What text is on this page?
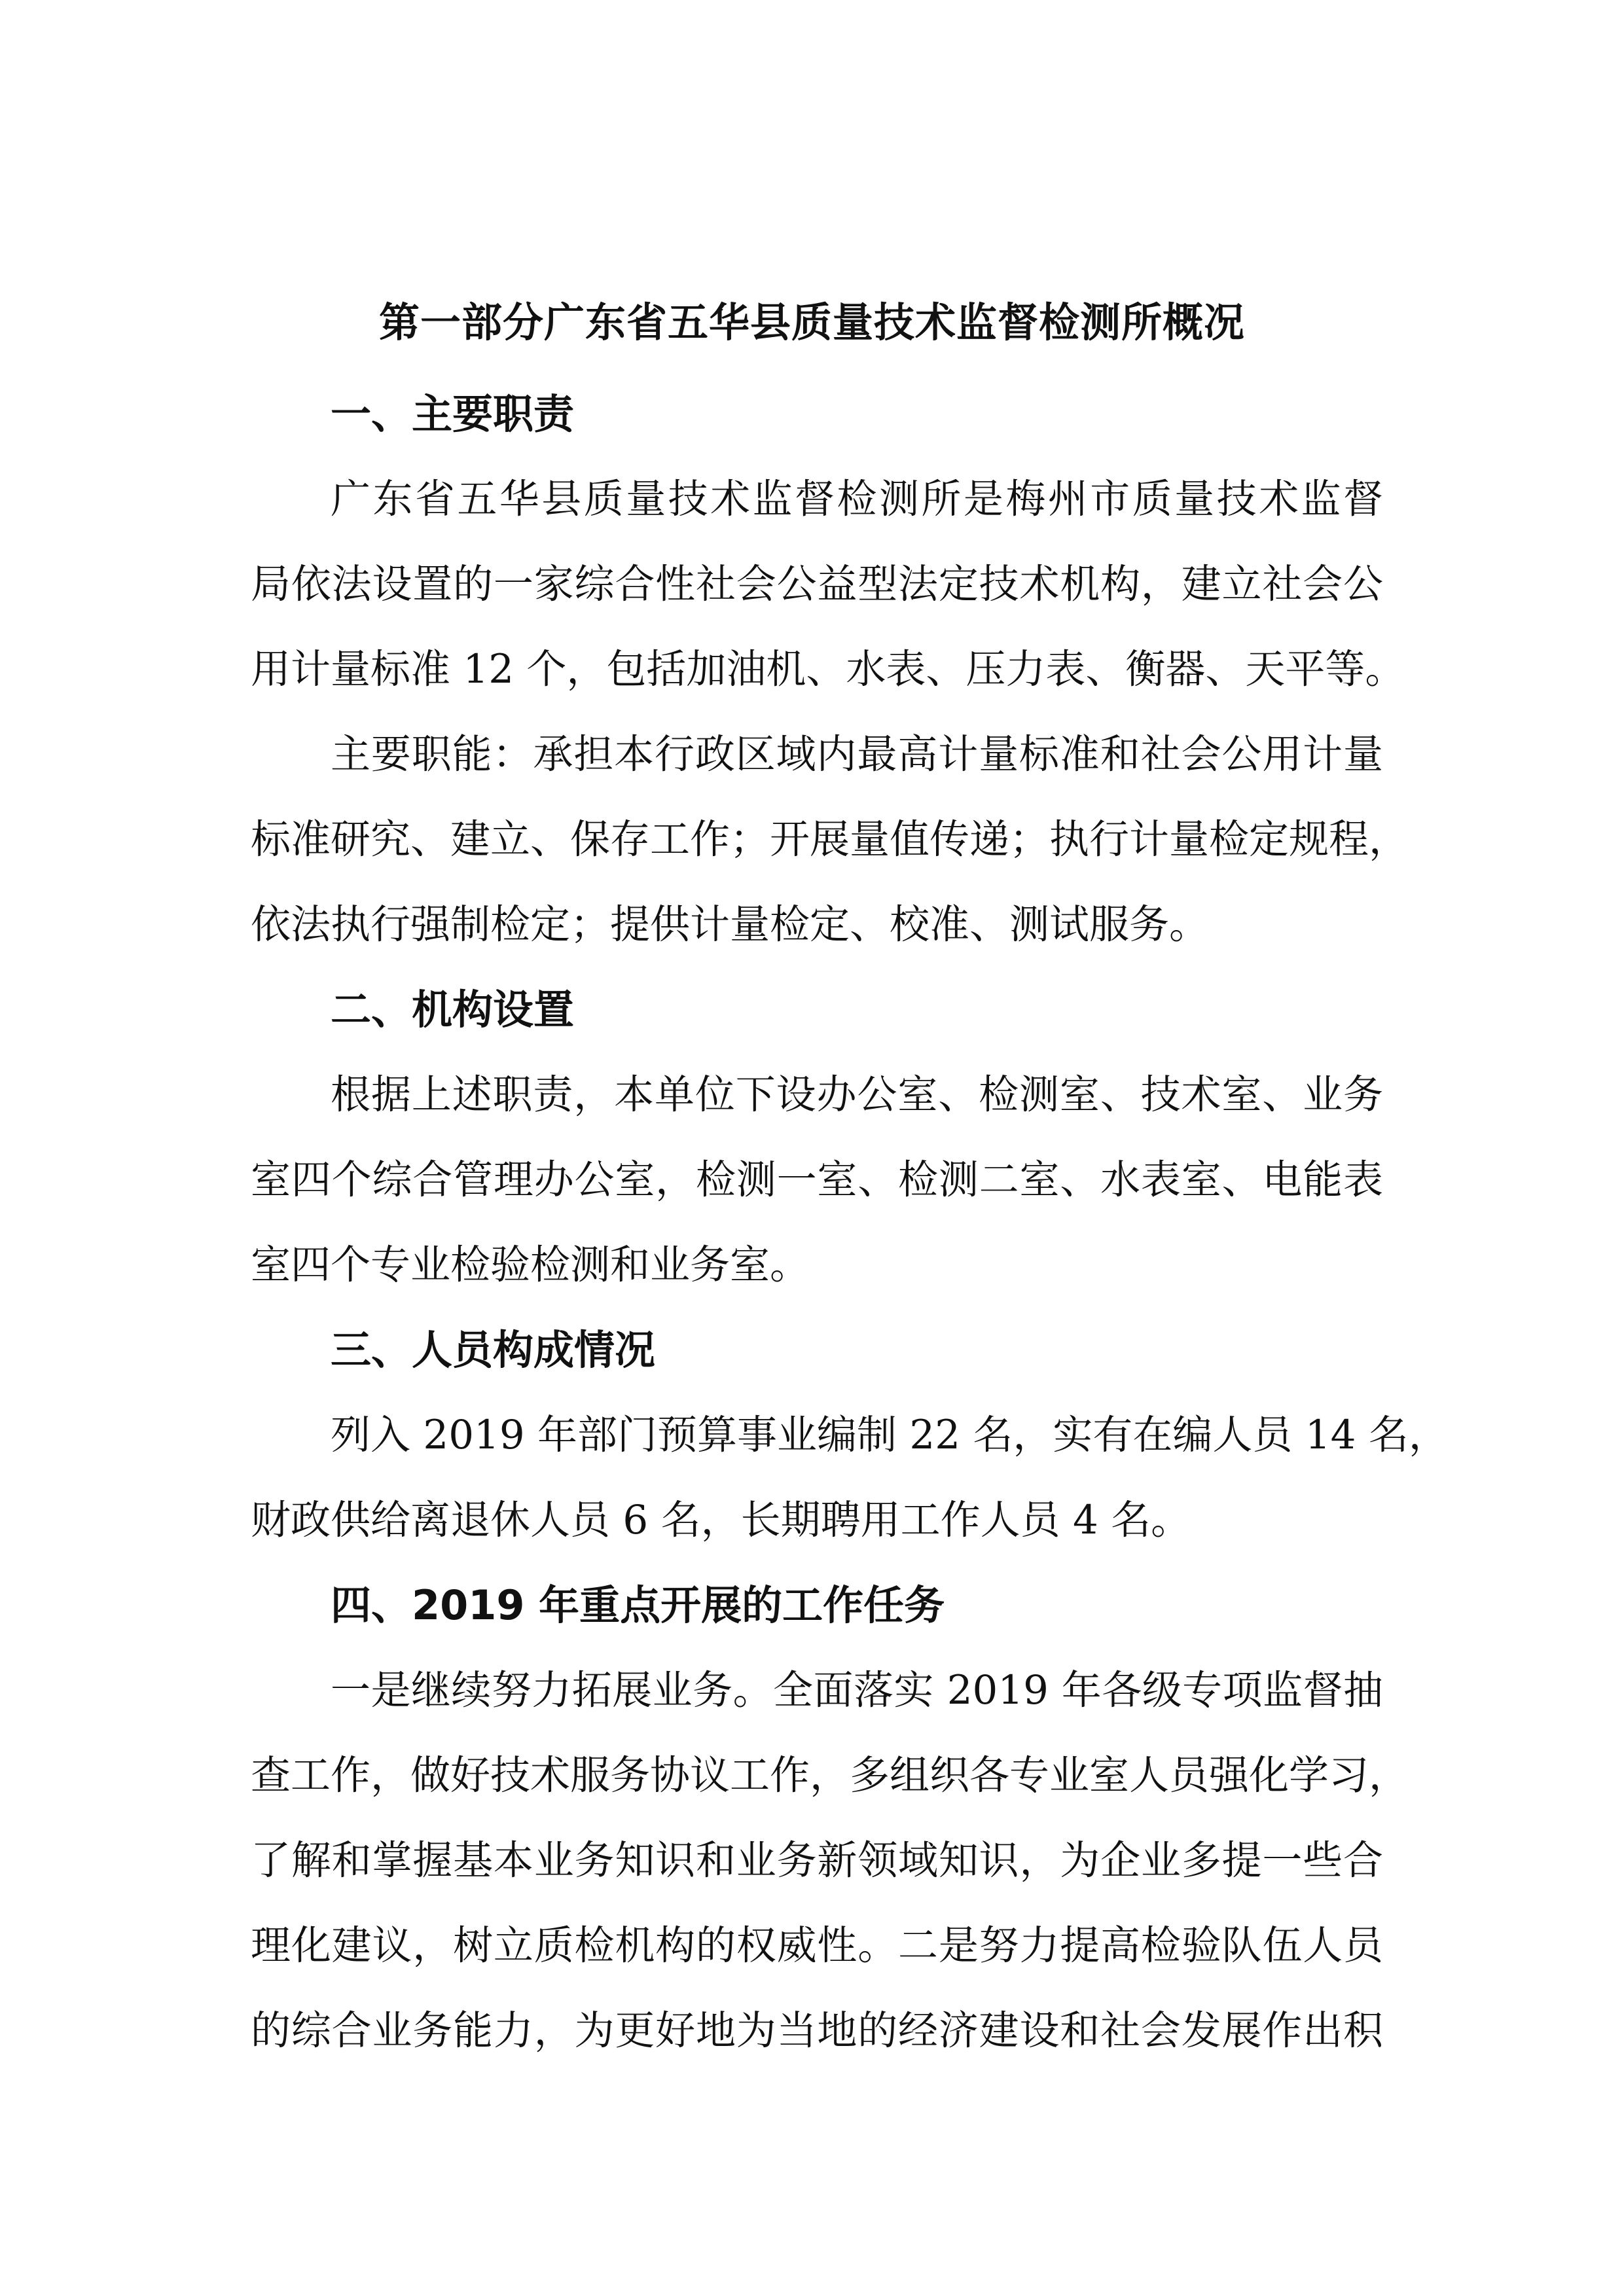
第一部分广东省五华县质量技术监督检测所概况
一、主要职责

广东省五华县质量技术监督检测所是梅州市质量技术监督

局依法设置的一家综合性社会公益型法定技术机构，建立社会公

用计量标准 12 个，包括加油机、水表、压力表、衡器、天平等。

主要职能：承担本行政区域内最高计量标准和社会公用计量

标准研究、建立、保存工作；开展量值传递；执行计量检定规程，

依法执行强制检定；提供计量检定、校准、测试服务。

二、机构设置

根据上述职责，本单位下设办公室、检测室、技术室、业务

室四个综合管理办公室，检测一室、检测二室、水表室、电能表

室四个专业检验检测和业务室。

三、人员构成情况

列入 2019 年部门预算事业编制 22 名，实有在编人员 14 名，

财政供给离退休人员 6 名，长期聘用工作人员 4 名。

四、2019 年重点开展的工作任务

一是继续努力拓展业务。全面落实 2019 年各级专项监督抽

查工作，做好技术服务协议工作，多组织各专业室人员强化学习，

了解和掌握基本业务知识和业务新领域知识，为企业多提一些合

理化建议，树立质检机构的权威性。二是努力提高检验队伍人员

的综合业务能力，为更好地为当地的经济建设和社会发展作出积
